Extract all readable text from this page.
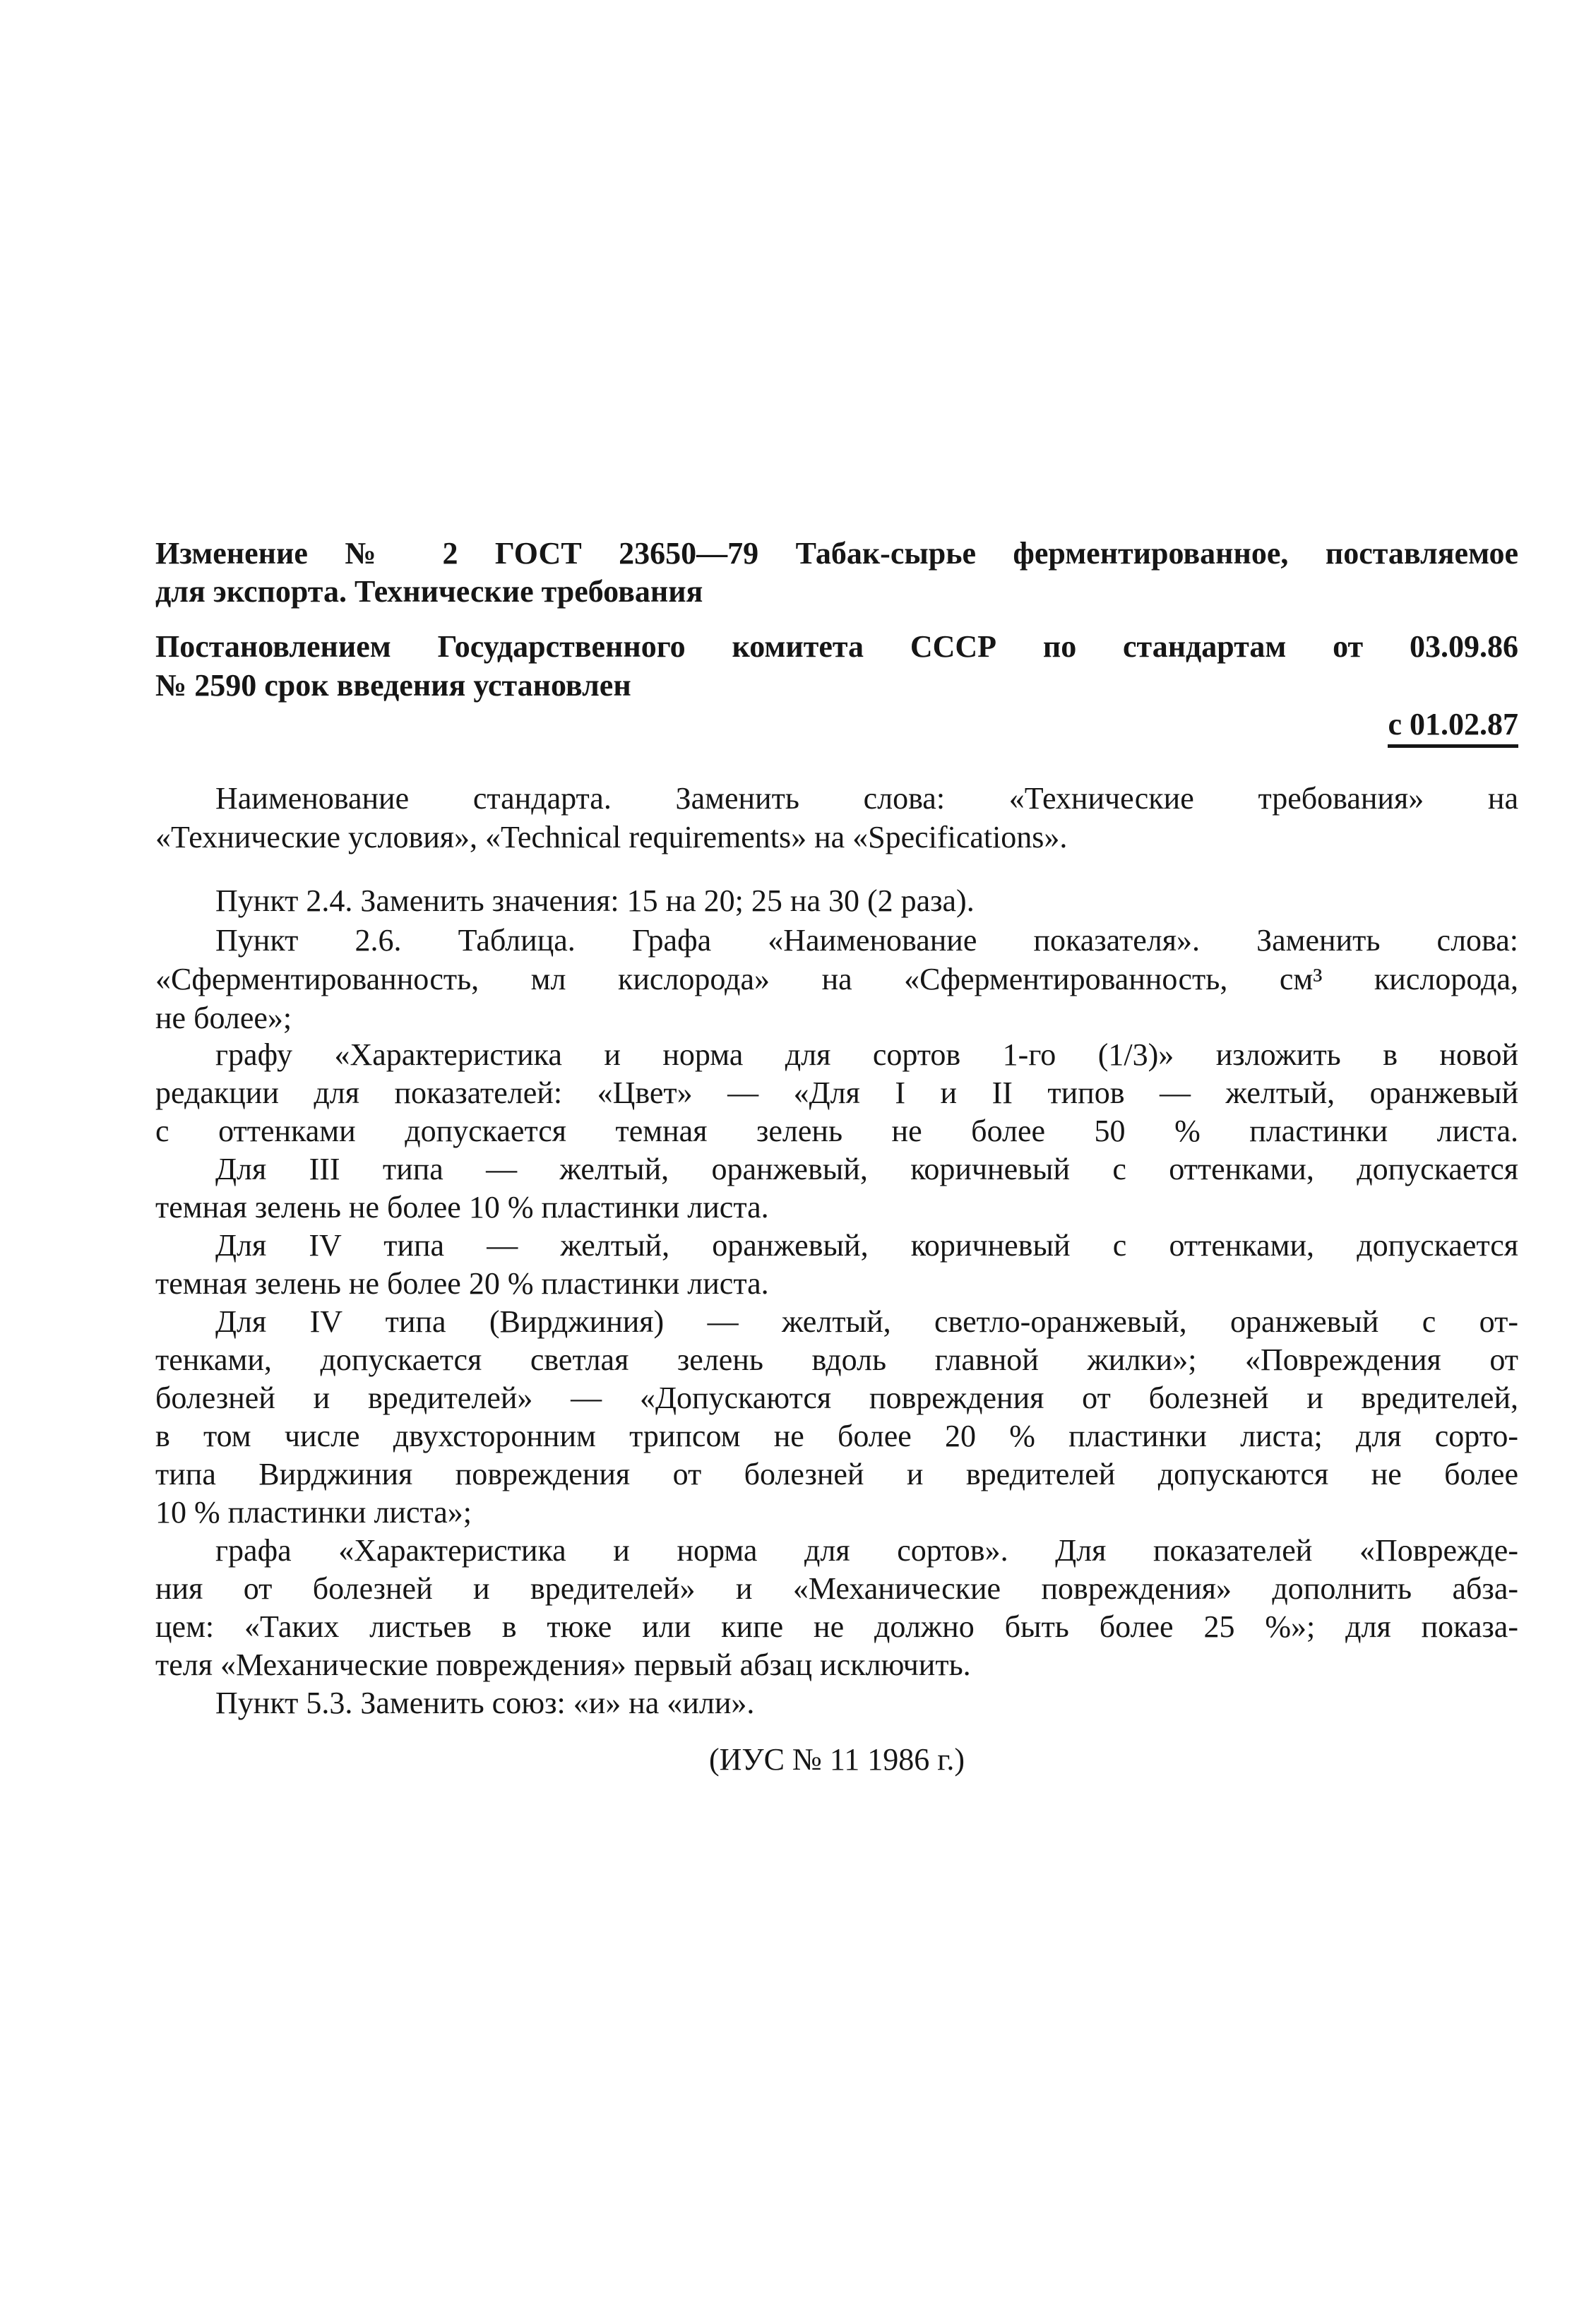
Изменение № 2 ГОСТ 23650—79 Табак-сырье ферментированное, поставляемое
для экспорта. Технические требования
Постановлением Государственного комитета СССР по стандартам от 03.09.86
№ 2590 срок введения установлен
с 01.02.87
Наименование стандарта. Заменить слова: «Технические требования» на
«Технические условия», «Technical requirements» на «Specifications».
Пункт 2.4. Заменить значения: 15 на 20; 25 на 30 (2 раза).
Пункт 2.6. Таблица. Графа «Наименование показателя». Заменить слова:
«Сферментированность, мл кислорода» на «Сферментированность, см³ кислорода,
не более»;
графу «Характеристика и норма для сортов 1-го (1/3)» изложить в новой
редакции для показателей: «Цвет» — «Для I и II типов — желтый, оранжевый
с оттенками допускается темная зелень не более 50 % пластинки листа.
Для III типа — желтый, оранжевый, коричневый с оттенками, допускается
темная зелень не более 10 % пластинки листа.
Для IV типа — желтый, оранжевый, коричневый с оттенками, допускается
темная зелень не более 20 % пластинки листа.
Для IV типа (Вирджиния) — желтый, светло-оранжевый, оранжевый с от-
тенками, допускается светлая зелень вдоль главной жилки»; «Повреждения от
болезней и вредителей» — «Допускаются повреждения от болезней и вредителей,
в том числе двухсторонним трипсом не более 20 % пластинки листа; для сорто-
типа Вирджиния повреждения от болезней и вредителей допускаются не более
10 % пластинки листа»;
графа «Характеристика и норма для сортов». Для показателей «Поврежде-
ния от болезней и вредителей» и «Механические повреждения» дополнить абза-
цем: «Таких листьев в тюке или кипе не должно быть более 25 %»; для показа-
теля «Механические повреждения» первый абзац исключить.
Пункт 5.3. Заменить союз: «и» на «или».
(ИУС № 11 1986 г.)
